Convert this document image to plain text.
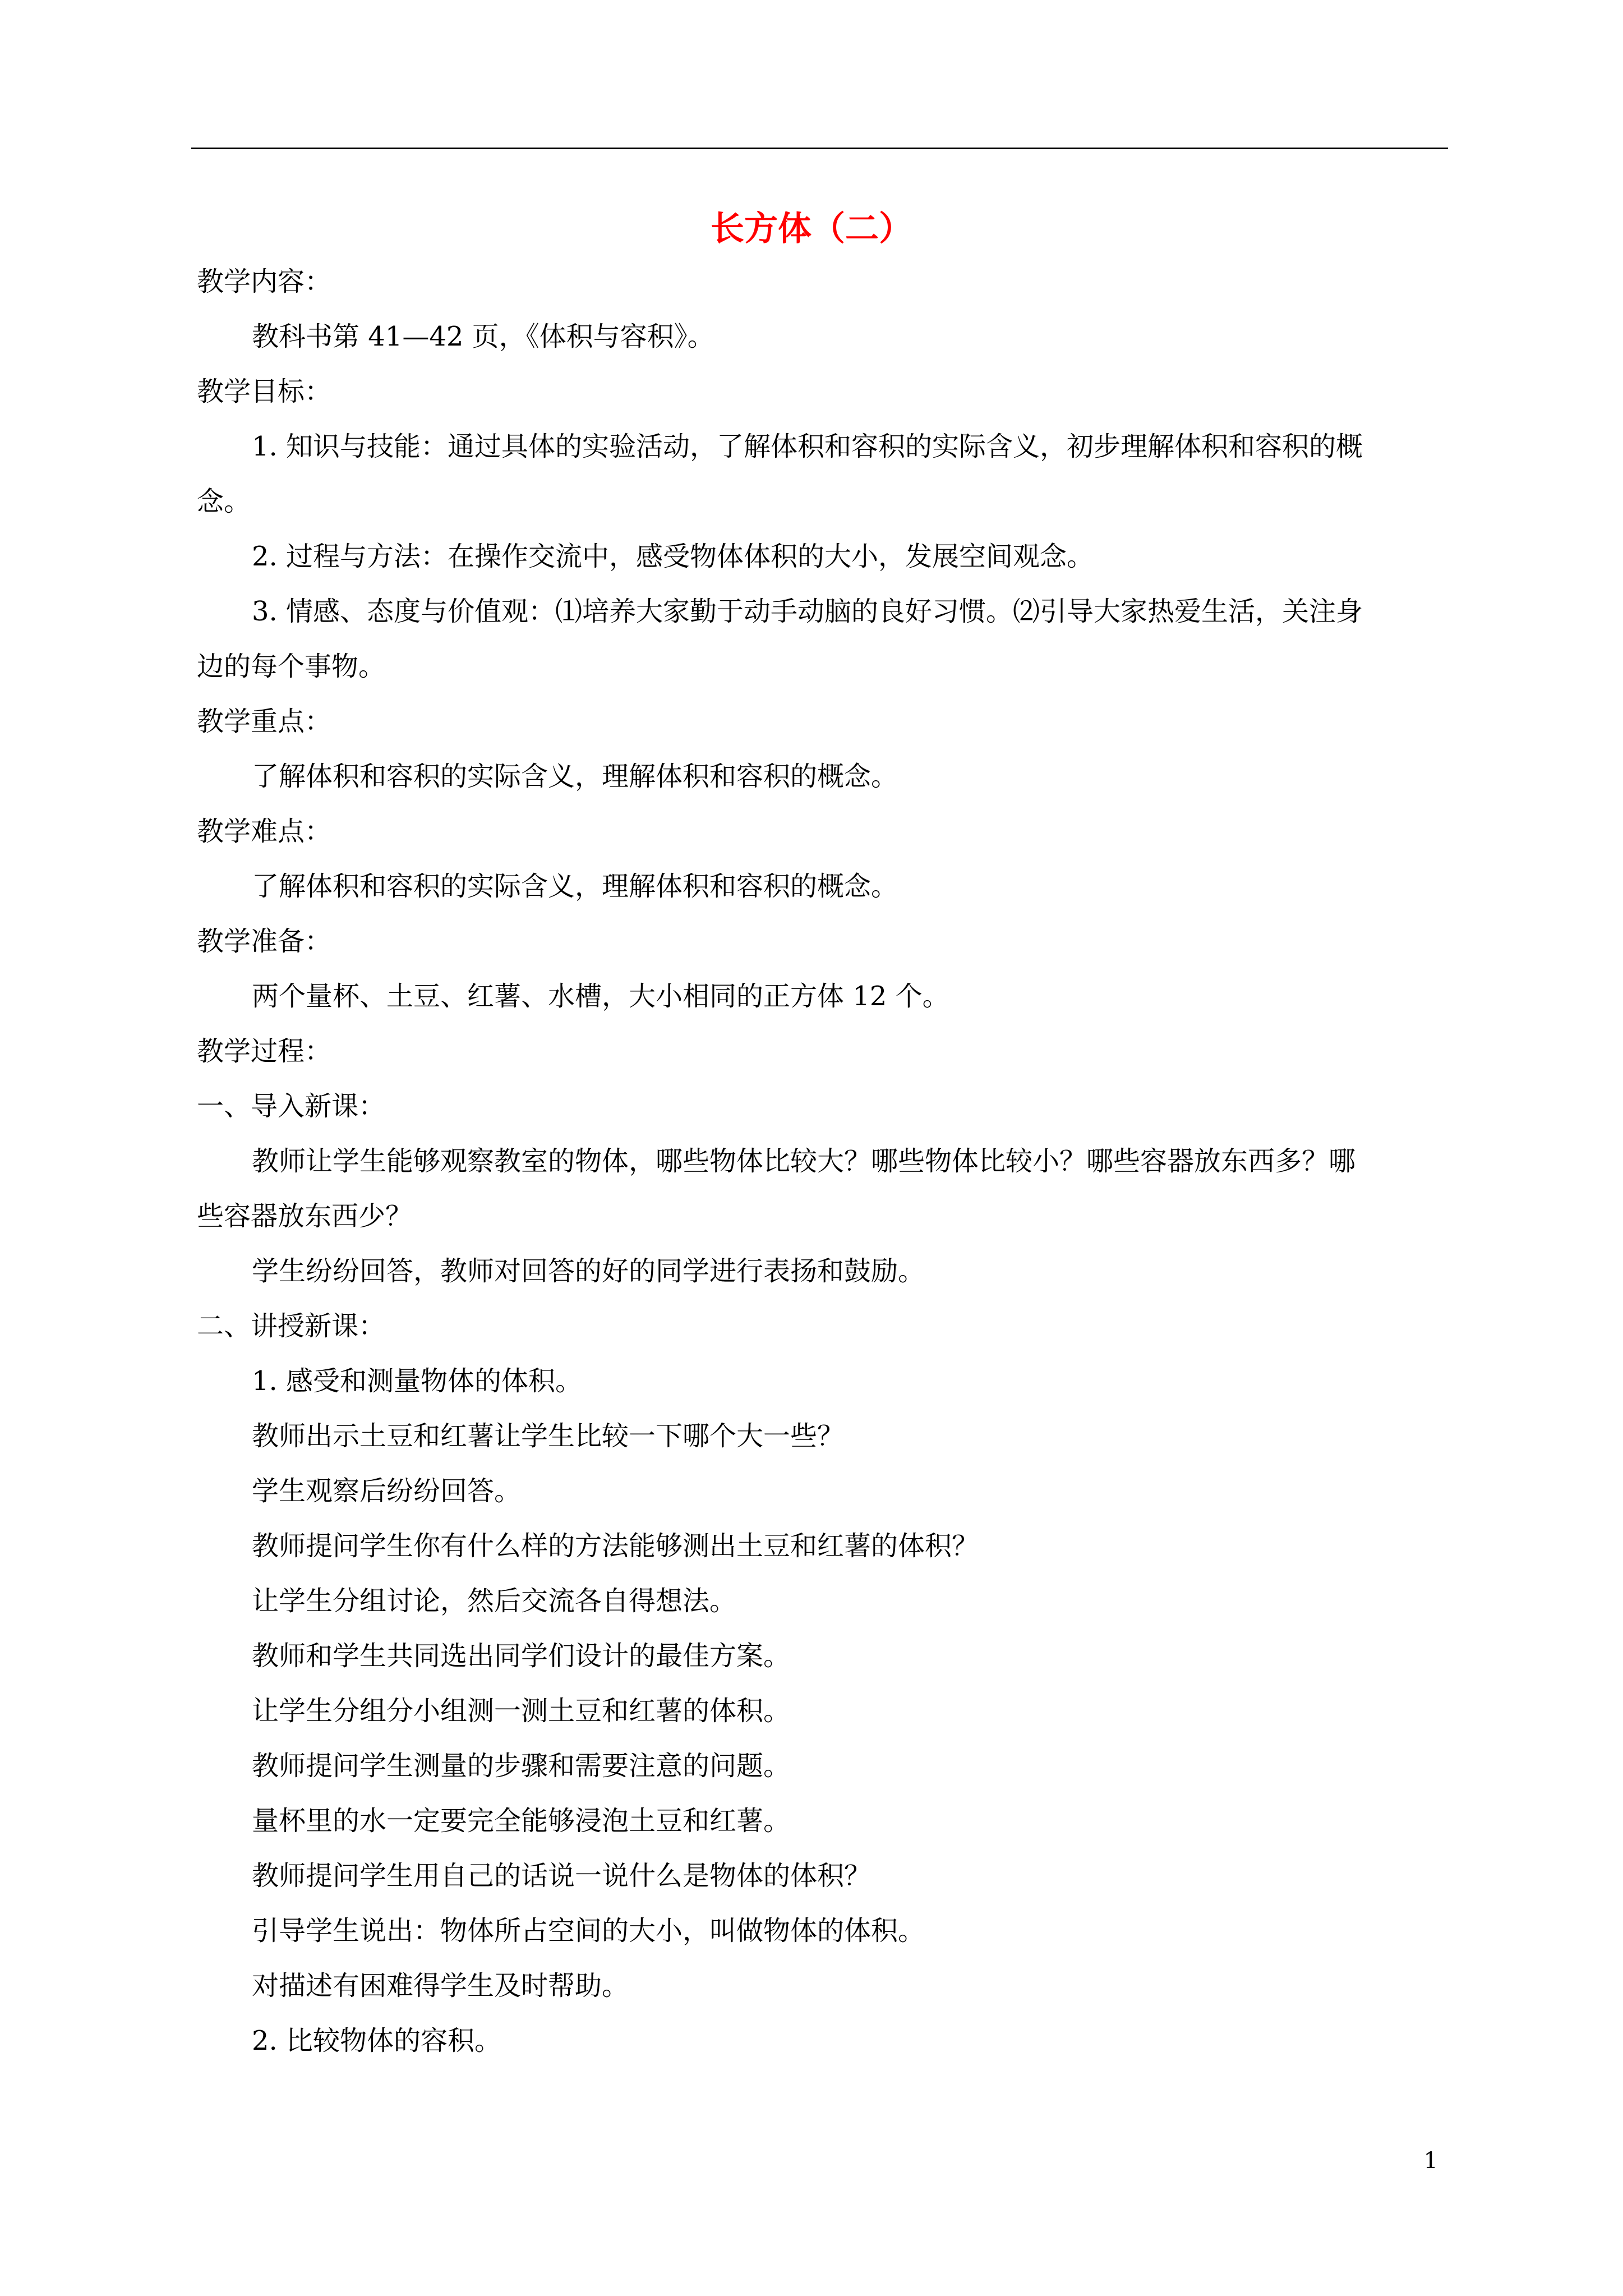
长方体（二）
教学内容：
教科书第 41—42 页，《体积与容积》。
教学目标：
1. 知识与技能：通过具体的实验活动，了解体积和容积的实际含义，初步理解体积和容积的概
念。
2. 过程与方法：在操作交流中，感受物体体积的大小，发展空间观念。
3. 情感、态度与价值观：⑴培养大家勤于动手动脑的良好习惯。⑵引导大家热爱生活，关注身
边的每个事物。
教学重点：
了解体积和容积的实际含义，理解体积和容积的概念。
教学难点：
了解体积和容积的实际含义，理解体积和容积的概念。
教学准备：
两个量杯、土豆、红薯、水槽，大小相同的正方体 12 个。
教学过程：
一、导入新课：
教师让学生能够观察教室的物体，哪些物体比较大？哪些物体比较小？哪些容器放东西多？哪
些容器放东西少？
学生纷纷回答，教师对回答的好的同学进行表扬和鼓励。
二、讲授新课：
1. 感受和测量物体的体积。
教师出示土豆和红薯让学生比较一下哪个大一些？
学生观察后纷纷回答。
教师提问学生你有什么样的方法能够测出土豆和红薯的体积？
让学生分组讨论，然后交流各自得想法。
教师和学生共同选出同学们设计的最佳方案。
让学生分组分小组测一测土豆和红薯的体积。
教师提问学生测量的步骤和需要注意的问题。
量杯里的水一定要完全能够浸泡土豆和红薯。
教师提问学生用自己的话说一说什么是物体的体积？
引导学生说出：物体所占空间的大小，叫做物体的体积。
对描述有困难得学生及时帮助。
2. 比较物体的容积。
1
